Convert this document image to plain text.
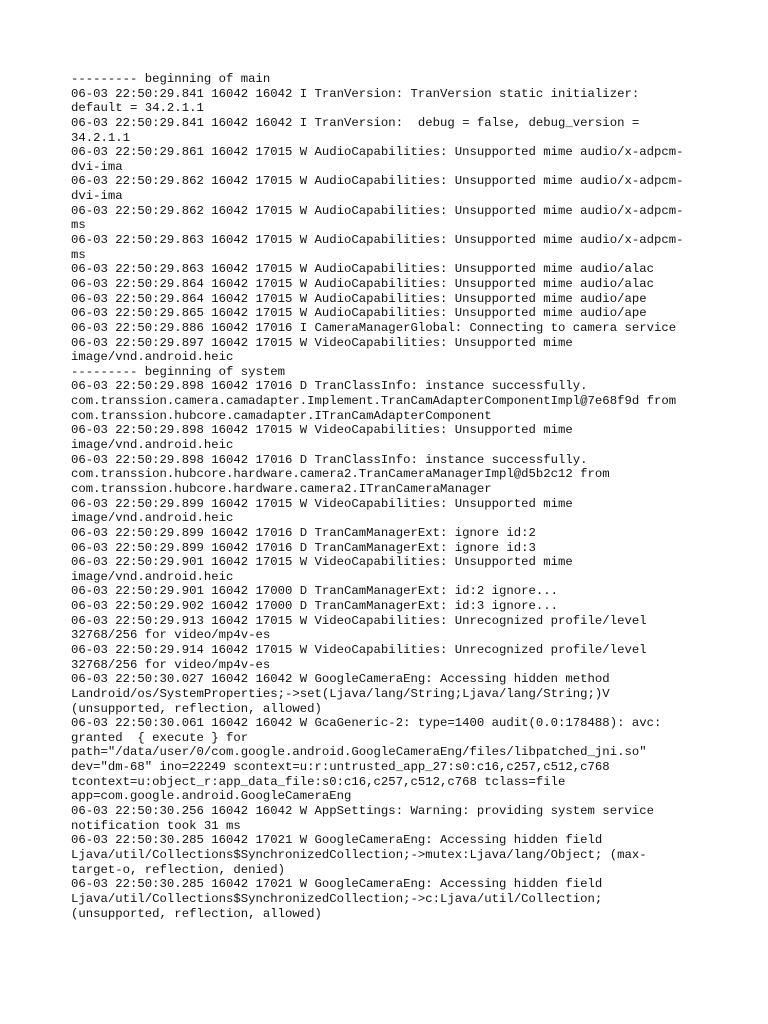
--------- beginning of main
06-03 22:50:29.841 16042 16042 I TranVersion: TranVersion static initializer:
default = 34.2.1.1
06-03 22:50:29.841 16042 16042 I TranVersion:  debug = false, debug_version =
34.2.1.1
06-03 22:50:29.861 16042 17015 W AudioCapabilities: Unsupported mime audio/x-adpcm-
dvi-ima
06-03 22:50:29.862 16042 17015 W AudioCapabilities: Unsupported mime audio/x-adpcm-
dvi-ima
06-03 22:50:29.862 16042 17015 W AudioCapabilities: Unsupported mime audio/x-adpcm-
ms
06-03 22:50:29.863 16042 17015 W AudioCapabilities: Unsupported mime audio/x-adpcm-
ms
06-03 22:50:29.863 16042 17015 W AudioCapabilities: Unsupported mime audio/alac
06-03 22:50:29.864 16042 17015 W AudioCapabilities: Unsupported mime audio/alac
06-03 22:50:29.864 16042 17015 W AudioCapabilities: Unsupported mime audio/ape
06-03 22:50:29.865 16042 17015 W AudioCapabilities: Unsupported mime audio/ape
06-03 22:50:29.886 16042 17016 I CameraManagerGlobal: Connecting to camera service
06-03 22:50:29.897 16042 17015 W VideoCapabilities: Unsupported mime
image/vnd.android.heic
--------- beginning of system
06-03 22:50:29.898 16042 17016 D TranClassInfo: instance successfully.
com.transsion.camera.camadapter.Implement.TranCamAdapterComponentImpl@7e68f9d from
com.transsion.hubcore.camadapter.ITranCamAdapterComponent
06-03 22:50:29.898 16042 17015 W VideoCapabilities: Unsupported mime
image/vnd.android.heic
06-03 22:50:29.898 16042 17016 D TranClassInfo: instance successfully.
com.transsion.hubcore.hardware.camera2.TranCameraManagerImpl@d5b2c12 from
com.transsion.hubcore.hardware.camera2.ITranCameraManager
06-03 22:50:29.899 16042 17015 W VideoCapabilities: Unsupported mime
image/vnd.android.heic
06-03 22:50:29.899 16042 17016 D TranCamManagerExt: ignore id:2
06-03 22:50:29.899 16042 17016 D TranCamManagerExt: ignore id:3
06-03 22:50:29.901 16042 17015 W VideoCapabilities: Unsupported mime
image/vnd.android.heic
06-03 22:50:29.901 16042 17000 D TranCamManagerExt: id:2 ignore...
06-03 22:50:29.902 16042 17000 D TranCamManagerExt: id:3 ignore...
06-03 22:50:29.913 16042 17015 W VideoCapabilities: Unrecognized profile/level
32768/256 for video/mp4v-es
06-03 22:50:29.914 16042 17015 W VideoCapabilities: Unrecognized profile/level
32768/256 for video/mp4v-es
06-03 22:50:30.027 16042 16042 W GoogleCameraEng: Accessing hidden method
Landroid/os/SystemProperties;->set(Ljava/lang/String;Ljava/lang/String;)V
(unsupported, reflection, allowed)
06-03 22:50:30.061 16042 16042 W GcaGeneric-2: type=1400 audit(0.0:178488): avc:
granted  { execute } for
path="/data/user/0/com.google.android.GoogleCameraEng/files/libpatched_jni.so"
dev="dm-68" ino=22249 scontext=u:r:untrusted_app_27:s0:c16,c257,c512,c768
tcontext=u:object_r:app_data_file:s0:c16,c257,c512,c768 tclass=file
app=com.google.android.GoogleCameraEng
06-03 22:50:30.256 16042 16042 W AppSettings: Warning: providing system service
notification took 31 ms
06-03 22:50:30.285 16042 17021 W GoogleCameraEng: Accessing hidden field
Ljava/util/Collections$SynchronizedCollection;->mutex:Ljava/lang/Object; (max-
target-o, reflection, denied)
06-03 22:50:30.285 16042 17021 W GoogleCameraEng: Accessing hidden field
Ljava/util/Collections$SynchronizedCollection;->c:Ljava/util/Collection;
(unsupported, reflection, allowed)
